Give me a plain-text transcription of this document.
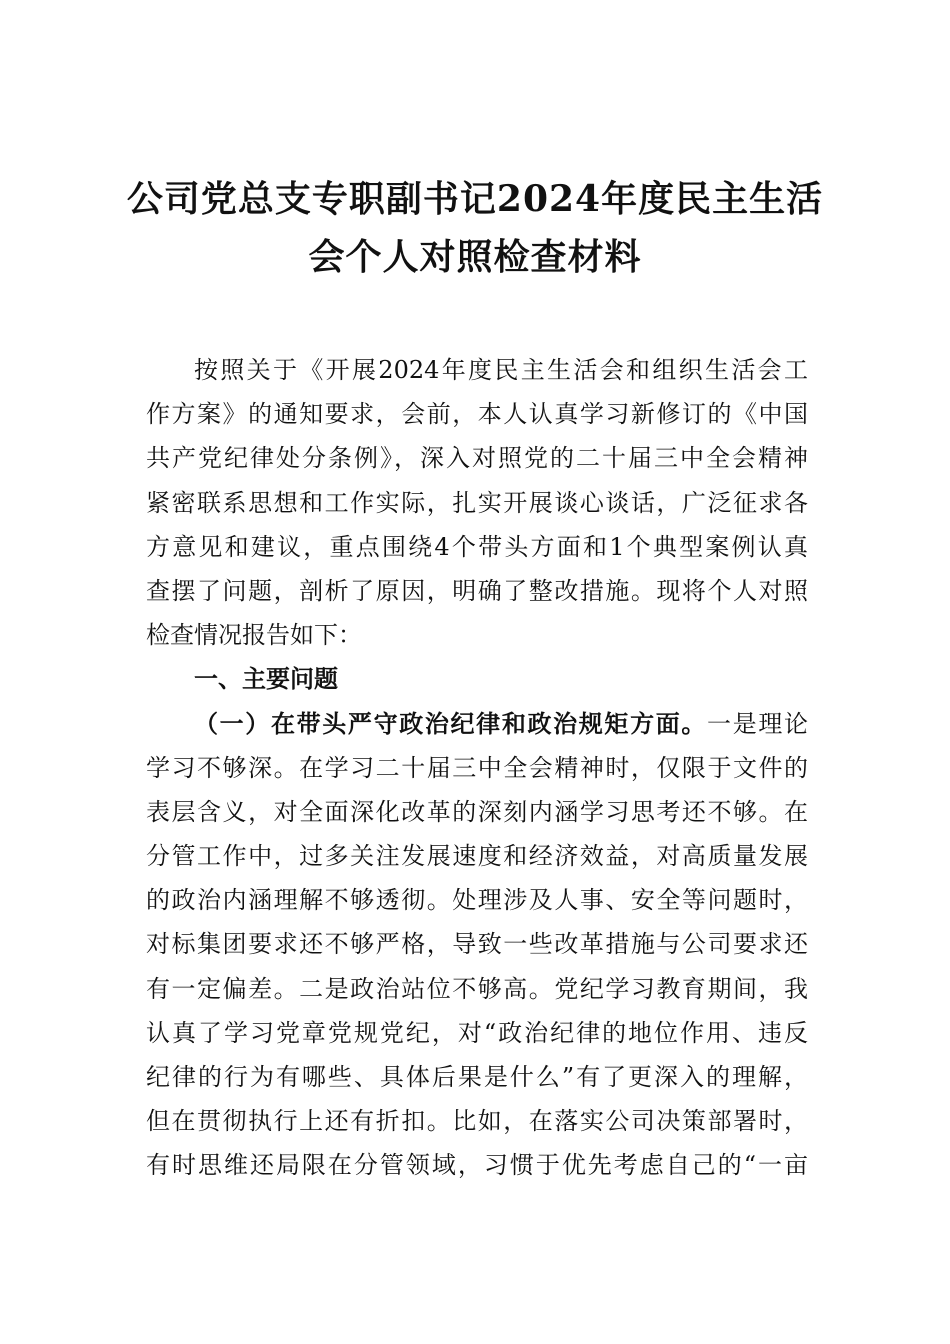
公司党总支专职副书记2024年度民主生活
会个人对照检查材料
按照关于《开展2024年度民主生活会和组织生活会工
作方案》的通知要求，会前，本人认真学习新修订的《中国
共产党纪律处分条例》，深入对照党的二十届三中全会精神
紧密联系思想和工作实际，扎实开展谈心谈话，广泛征求各
方意见和建议，重点围绕4个带头方面和1个典型案例认真
查摆了问题，剖析了原因，明确了整改措施。现将个人对照
检查情况报告如下：
一、主要问题
（一）在带头严守政治纪律和政治规矩方面。一是理论
学习不够深。在学习二十届三中全会精神时，仅限于文件的
表层含义，对全面深化改革的深刻内涵学习思考还不够。在
分管工作中，过多关注发展速度和经济效益，对高质量发展
的政治内涵理解不够透彻。处理涉及人事、安全等问题时，
对标集团要求还不够严格，导致一些改革措施与公司要求还
有一定偏差。二是政治站位不够高。党纪学习教育期间，我
认真了学习党章党规党纪，对“政治纪律的地位作用、违反
纪律的行为有哪些、具体后果是什么”有了更深入的理解，
但在贯彻执行上还有折扣。比如，在落实公司决策部署时，
有时思维还局限在分管领域，习惯于优先考虑自己的“一亩
